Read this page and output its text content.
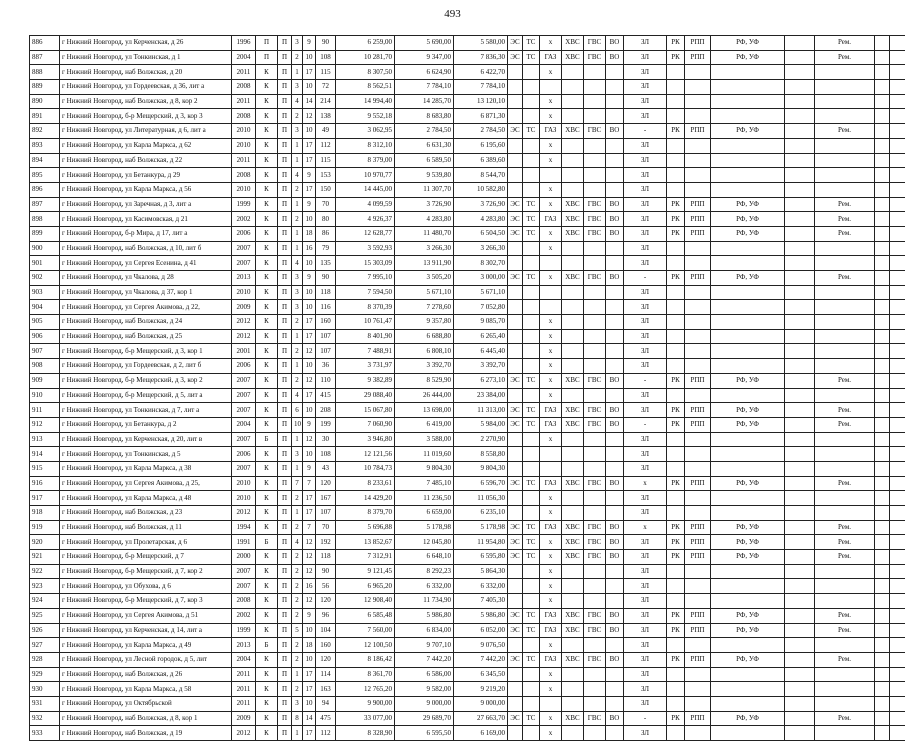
493
886	г Нижний Новгород, ул Керченская, д 26	1996	П	П	3	9	90	6 259,00	5 690,00	5 580,00	ЭС	ТС	х	ХВС	ГВС	ВО	ЗЛ	РК	РПП	РФ, УФ		Рем.		
887	г Нижний Новгород, ул Тонкинская, д 1	2004	П	П	2	10	108	10 281,70	9 347,00	7 836,30	ЭС	ТС	ГАЗ	ХВС	ГВС	ВО	ЗЛ	РК	РПП	РФ, УФ		Рем.		
888	г Нижний Новгород, наб Волжская, д 20	2011	К	П	1	17	115	8 307,50	6 624,90	6 422,70			х				ЗЛ							
889	г Нижний Новгород, ул Гордеевская, д 36, лит а	2008	К	П	3	10	72	8 562,51	7 784,10	7 784,10							ЗЛ							
890	г Нижний Новгород, наб Волжская, д 8, кор 2	2011	К	П	4	14	214	14 994,40	14 285,70	13 120,10			х				ЗЛ							
891	г Нижний Новгород, б-р Мещерский, д 3, кор 3	2008	К	П	2	12	138	9 552,18	8 683,80	6 871,30			х				ЗЛ							
892	г Нижний Новгород, ул Литературная, д 6, лит а	2010	К	П	3	10	49	3 062,95	2 784,50	2 784,50	ЭС	ТС	ГАЗ	ХВС	ГВС	ВО	-	РК	РПП	РФ, УФ		Рем.		
893	г Нижний Новгород, ул Карла Маркса, д 62	2010	К	П	1	17	112	8 312,10	6 631,30	6 195,60			х				ЗЛ							
894	г Нижний Новгород, наб Волжская, д 22	2011	К	П	1	17	115	8 379,00	6 589,50	6 389,60			х				ЗЛ							
895	г Нижний Новгород, ул Бетанкура, д 29	2008	К	П	4	9	153	10 970,77	9 539,80	8 544,70							ЗЛ							
896	г Нижний Новгород, ул Карла Маркса, д 56	2010	К	П	2	17	150	14 445,00	11 307,70	10 582,80			х				ЗЛ							
897	г Нижний Новгород, ул Заречная, д 3, лит а	1999	К	П	1	9	70	4 099,59	3 726,90	3 726,90	ЭС	ТС	х	ХВС	ГВС	ВО	ЗЛ	РК	РПП	РФ, УФ		Рем.		
898	г Нижний Новгород, ул Касимовская, д 21	2002	К	П	2	10	80	4 926,37	4 283,80	4 283,80	ЭС	ТС	ГАЗ	ХВС	ГВС	ВО	ЗЛ	РК	РПП	РФ, УФ		Рем.		
899	г Нижний Новгород, б-р Мира, д 17, лит а	2006	К	П	1	18	86	12 628,77	11 480,70	6 504,50	ЭС	ТС	х	ХВС	ГВС	ВО	ЗЛ	РК	РПП	РФ, УФ		Рем.		
900	г Нижний Новгород, наб Волжская, д 10, лит б	2007	К	П	1	16	79	3 592,93	3 266,30	3 266,30			х				ЗЛ							
901	г Нижний Новгород, ул Сергея Есенина, д 41	2007	К	П	4	10	135	15 303,09	13 911,90	8 302,70							ЗЛ							
902	г Нижний Новгород, ул Чкалова, д 28	2013	К	П	3	9	90	7 995,10	3 505,20	3 000,00	ЭС	ТС	х	ХВС	ГВС	ВО	-	РК	РПП	РФ, УФ		Рем.		
903	г Нижний Новгород, ул Чкалова, д 37, кор 1	2010	К	П	3	10	118	7 594,50	5 671,10	5 671,10							ЗЛ							
904	г Нижний Новгород, ул Сергея Акимова, д 22,	2009	К	П	3	10	116	8 370,39	7 278,60	7 052,80							ЗЛ							
905	г Нижний Новгород, наб Волжская, д 24	2012	К	П	2	17	160	10 761,47	9 357,80	9 085,70			х				ЗЛ							
906	г Нижний Новгород, наб Волжская, д 25	2012	К	П	1	17	107	8 401,90	6 688,80	6 265,40			х				ЗЛ							
907	г Нижний Новгород, б-р Мещерский, д 3, кор 1	2001	К	П	2	12	107	7 488,91	6 808,10	6 445,40			х				ЗЛ							
908	г Нижний Новгород, ул Гордеевская, д 2, лит б	2006	К	П	1	10	36	3 731,97	3 392,70	3 392,70			х				ЗЛ							
909	г Нижний Новгород, б-р Мещерский, д 3, кор 2	2007	К	П	2	12	110	9 382,89	8 529,90	6 273,10	ЭС	ТС	х	ХВС	ГВС	ВО	-	РК	РПП	РФ, УФ		Рем.		
910	г Нижний Новгород, б-р Мещерский, д 5, лит а	2007	К	П	4	17	415	29 088,40	26 444,00	23 384,00			х				ЗЛ							
911	г Нижний Новгород, ул Тонкинская, д 7, лит а	2007	К	П	6	10	208	15 067,80	13 698,00	11 313,00	ЭС	ТС	ГАЗ	ХВС	ГВС	ВО	ЗЛ	РК	РПП	РФ, УФ		Рем.		
912	г Нижний Новгород, ул Бетанкура, д 2	2004	К	П	10	9	199	7 060,90	6 419,00	5 984,00	ЭС	ТС	ГАЗ	ХВС	ГВС	ВО	-	РК	РПП	РФ, УФ		Рем.		
913	г Нижний Новгород, ул Керченская, д 20, лит в	2007	Б	П	1	12	30	3 946,80	3 588,00	2 270,90			х				ЗЛ							
914	г Нижний Новгород, ул Тонкинская, д 5	2006	К	П	3	10	108	12 121,56	11 019,60	8 558,80							ЗЛ							
915	г Нижний Новгород, ул Карла Маркса, д 38	2007	К	П	1	9	43	10 784,73	9 804,30	9 804,30							ЗЛ							
916	г Нижний Новгород, ул Сергея Акимова, д 25,	2010	К	П	7	7	120	8 233,61	7 485,10	6 596,70	ЭС	ТС	ГАЗ	ХВС	ГВС	ВО	х	РК	РПП	РФ, УФ		Рем.		
917	г Нижний Новгород, ул Карла Маркса, д 48	2010	К	П	2	17	167	14 429,20	11 236,50	11 056,30			х				ЗЛ							
918	г Нижний Новгород, наб Волжская, д 23	2012	К	П	1	17	107	8 379,70	6 659,00	6 235,10			х				ЗЛ							
919	г Нижний Новгород, наб Волжская, д 11	1994	К	П	2	7	70	5 696,88	5 178,98	5 178,98	ЭС	ТС	ГАЗ	ХВС	ГВС	ВО	х	РК	РПП	РФ, УФ		Рем.		
920	г Нижний Новгород, ул Пролетарская, д 6	1991	Б	П	4	12	192	13 852,67	12 045,80	11 954,80	ЭС	ТС	х	ХВС	ГВС	ВО	ЗЛ	РК	РПП	РФ, УФ		Рем.		
921	г Нижний Новгород, б-р Мещерский, д 7	2000	К	П	2	12	118	7 312,91	6 648,10	6 595,80	ЭС	ТС	х	ХВС	ГВС	ВО	ЗЛ	РК	РПП	РФ, УФ		Рем.		
922	г Нижний Новгород, б-р Мещерский, д 7, кор 2	2007	К	П	2	12	90	9 121,45	8 292,23	5 864,30			х				ЗЛ							
923	г Нижний Новгород, ул Обухова, д 6	2007	К	П	2	16	56	6 965,20	6 332,00	6 332,00			х				ЗЛ							
924	г Нижний Новгород, б-р Мещерский, д 7, кор 3	2008	К	П	2	12	120	12 908,40	11 734,90	7 405,30			х				ЗЛ							
925	г Нижний Новгород, ул Сергея Акимова, д 51	2002	К	П	2	9	96	6 585,48	5 986,80	5 986,80	ЭС	ТС	ГАЗ	ХВС	ГВС	ВО	ЗЛ	РК	РПП	РФ, УФ		Рем.		
926	г Нижний Новгород, ул Керченская, д 14, лит а	1999	К	П	5	10	104	7 560,00	6 834,00	6 052,00	ЭС	ТС	ГАЗ	ХВС	ГВС	ВО	ЗЛ	РК	РПП	РФ, УФ		Рем.		
927	г Нижний Новгород, ул Карла Маркса, д 49	2013	Б	П	2	18	160	12 100,50	9 707,10	9 076,50			х				ЗЛ							
928	г Нижний Новгород, ул Лесной городок, д 5, лит	2004	К	П	2	10	120	8 186,42	7 442,20	7 442,20	ЭС	ТС	ГАЗ	ХВС	ГВС	ВО	ЗЛ	РК	РПП	РФ, УФ		Рем.		
929	г Нижний Новгород, наб Волжская, д 26	2011	К	П	1	17	114	8 361,70	6 586,00	6 345,50			х				ЗЛ							
930	г Нижний Новгород, ул Карла Маркса, д 58	2011	К	П	2	17	163	12 765,20	9 582,00	9 219,20			х				ЗЛ							
931	г Нижний Новгород, ул Октябрьской	2011	К	П	3	10	94	9 900,00	9 000,00	9 000,00							ЗЛ							
932	г Нижний Новгород, наб Волжская, д 8, кор 1	2009	К	П	8	14	475	33 077,00	29 689,70	27 663,70	ЭС	ТС	х	ХВС	ГВС	ВО	-	РК	РПП	РФ, УФ		Рем.		
933	г Нижний Новгород, наб Волжская, д 19	2012	К	П	1	17	112	8 328,90	6 595,50	6 169,00			х				ЗЛ							
